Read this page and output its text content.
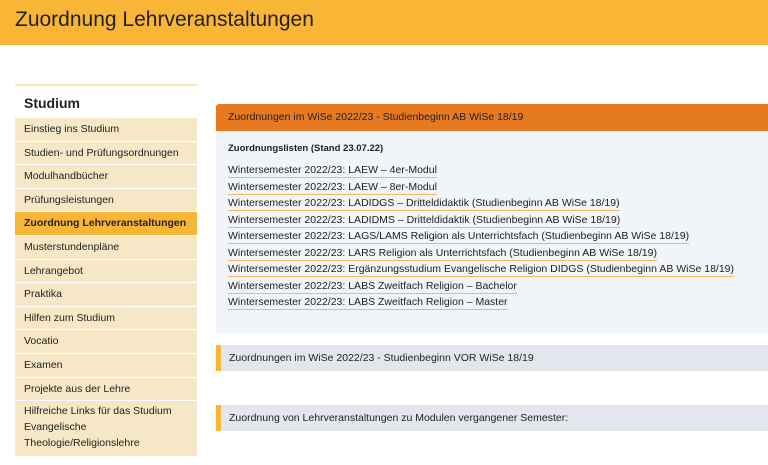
Zuordnung Lehrveranstaltungen
Studium
Einstieg ins Studium
Studien- und Prüfungsordnungen
Modulhandbücher
Prüfungsleistungen
Zuordnung Lehrveranstaltungen
Musterstundenpläne
Lehrangebot
Praktika
Hilfen zum Studium
Vocatio
Examen
Projekte aus der Lehre
Hilfreiche Links für das Studium
Evangelische
Theologie/Religionslehre
Zuordnungen im WiSe 2022/23 - Studienbeginn AB WiSe 18/19
Zuordnungslisten (Stand 23.07.22)
Wintersemester 2022/23: LAEW – 4er-Modul
Wintersemester 2022/23: LAEW – 8er-Modul
Wintersemester 2022/23: LADIDGS – Dritteldidaktik (Studienbeginn AB WiSe 18/19)
Wintersemester 2022/23: LADIDMS – Dritteldidaktik (Studienbeginn AB WiSe 18/19)
Wintersemester 2022/23: LAGS/LAMS Religion als Unterrichtsfach (Studienbeginn AB WiSe 18/19)
Wintersemester 2022/23: LARS Religion als Unterrichtsfach (Studienbeginn AB WiSe 18/19)
Wintersemester 2022/23: Ergänzungsstudium Evangelische Religion DIDGS (Studienbeginn AB WiSe 18/19)
Wintersemester 2022/23: LABS Zweitfach Religion – Bachelor
Wintersemester 2022/23: LABS Zweitfach Religion – Master
Zuordnungen im WiSe 2022/23 - Studienbeginn VOR WiSe 18/19
Zuordnung von Lehrveranstaltungen zu Modulen vergangener Semester:
